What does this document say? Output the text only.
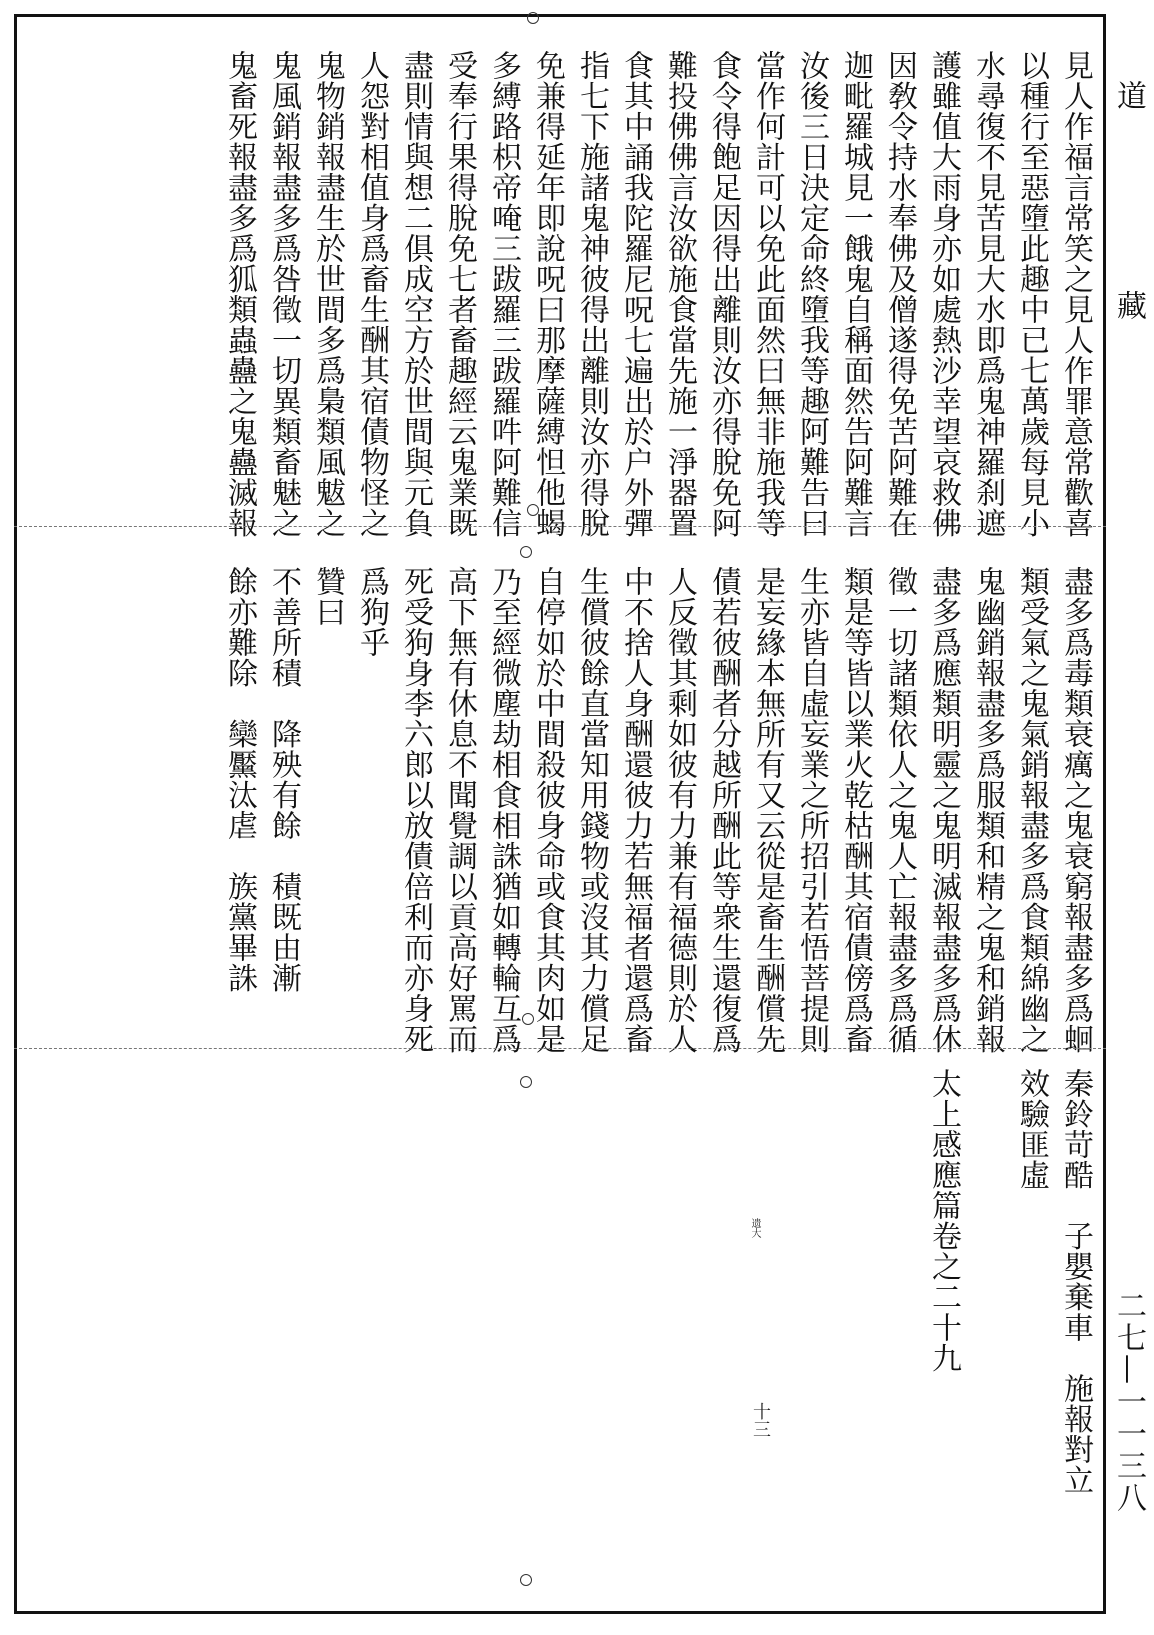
道
藏
二七—一一三八
見人作福言常笑之見人作罪意常歡喜
以種行至惡墮此趣中已七萬歲每見小
水尋復不見苦見大水即爲鬼神羅刹遮
護雖值大雨身亦如處熱沙幸望哀救佛
因敎令持水奉佛及僧遂得免苦阿難在
迦毗羅城見一餓鬼自稱面然告阿難言
汝後三日決定命終墮我等趣阿難告曰
當作何計可以免此面然曰無非施我等
食令得飽足因得出離則汝亦得脫免阿
難投佛佛言汝欲施食當先施一淨器置
食其中誦我陀羅尼呪七遍出於户外彈
指七下施諸鬼神彼得出離則汝亦得脫
免兼得延年即說呪曰那摩薩縛怛他蝎
多縛路枳帝唵三跋羅三跋羅吽阿難信
受奉行果得脫免七者畜趣經云鬼業既
盡則情與想二俱成空方於世間與元負
人怨對相值身爲畜生酬其宿債物怪之
鬼物銷報盡生於世間多爲梟類風魃之
鬼風銷報盡多爲咎徵一切異類畜魅之
鬼畜死報盡多爲狐類蟲蠱之鬼蠱滅報
盡多爲毒類衰癘之鬼衰窮報盡多爲蛔
類受氣之鬼氣銷報盡多爲食類綿幽之
鬼幽銷報盡多爲服類和精之鬼和銷報
盡多爲應類明靈之鬼明滅報盡多爲休
徵一切諸類依人之鬼人亡報盡多爲循
類是等皆以業火乾枯酬其宿債傍爲畜
生亦皆自虛妄業之所招引若悟菩提則
是妄緣本無所有又云從是畜生酬償先
債若彼酬者分越所酬此等衆生還復爲
人反徵其剩如彼有力兼有福德則於人
中不捨人身酬還彼力若無福者還爲畜
生償彼餘直當知用錢物或沒其力償足
自停如於中間殺彼身命或食其肉如是
乃至經微塵劫相食相誅猶如轉輪互爲
高下無有休息不聞覺調以貢高好罵而
死受狗身李六郎以放債倍利而亦身死
爲狗乎
贊曰
不善所積　降殃有餘　積既由漸
餘亦難除　欒黶汰虐　族黨畢誅
秦鈴苛酷　子嬰棄車　施報對立
效驗匪虛
太上感應篇卷之二十九
遗大
十三
